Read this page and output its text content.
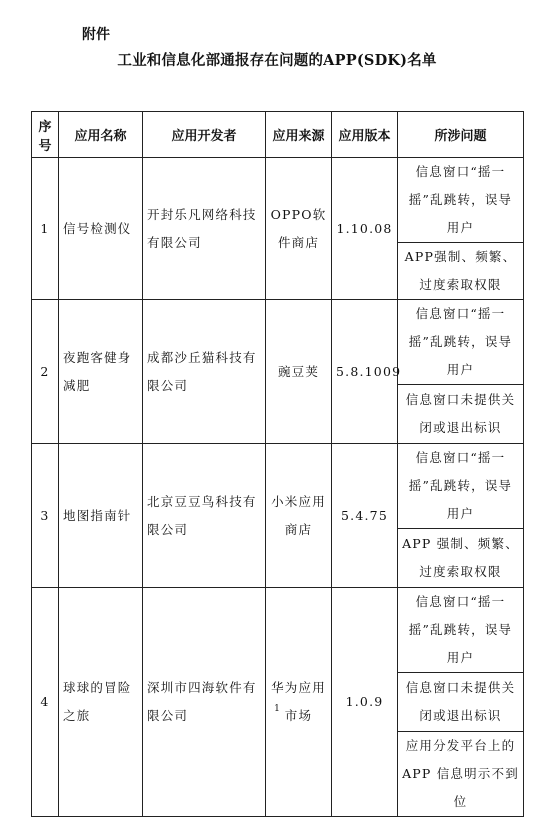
附件
工业和信息化部通报存在问题的APP(SDK)名单
序号	应用名称	应用开发者	应用来源	应用版本	所涉问题
1	信号检测仪	开封乐凡网络科技有限公司	OPPO软件商店	1.10.08	信息窗口“摇一摇”乱跳转，误导用户
					APP强制、频繁、过度索取权限
2	夜跑客健身减肥	成都沙丘猫科技有限公司	豌豆荚	5.8.1009	信息窗口“摇一摇”乱跳转，误导用户
					信息窗口未提供关闭或退出标识
3	地图指南针	北京豆豆鸟科技有限公司	小米应用商店	5.4.75	信息窗口“摇一摇”乱跳转，误导用户
					APP 强制、频繁、过度索取权限
4	球球的冒险之旅	深圳市四海软件有限公司	华为应用市场	1.0.9	信息窗口“摇一摇”乱跳转，误导用户
					信息窗口未提供关闭或退出标识
					应用分发平台上的APP 信息明示不到位
1
